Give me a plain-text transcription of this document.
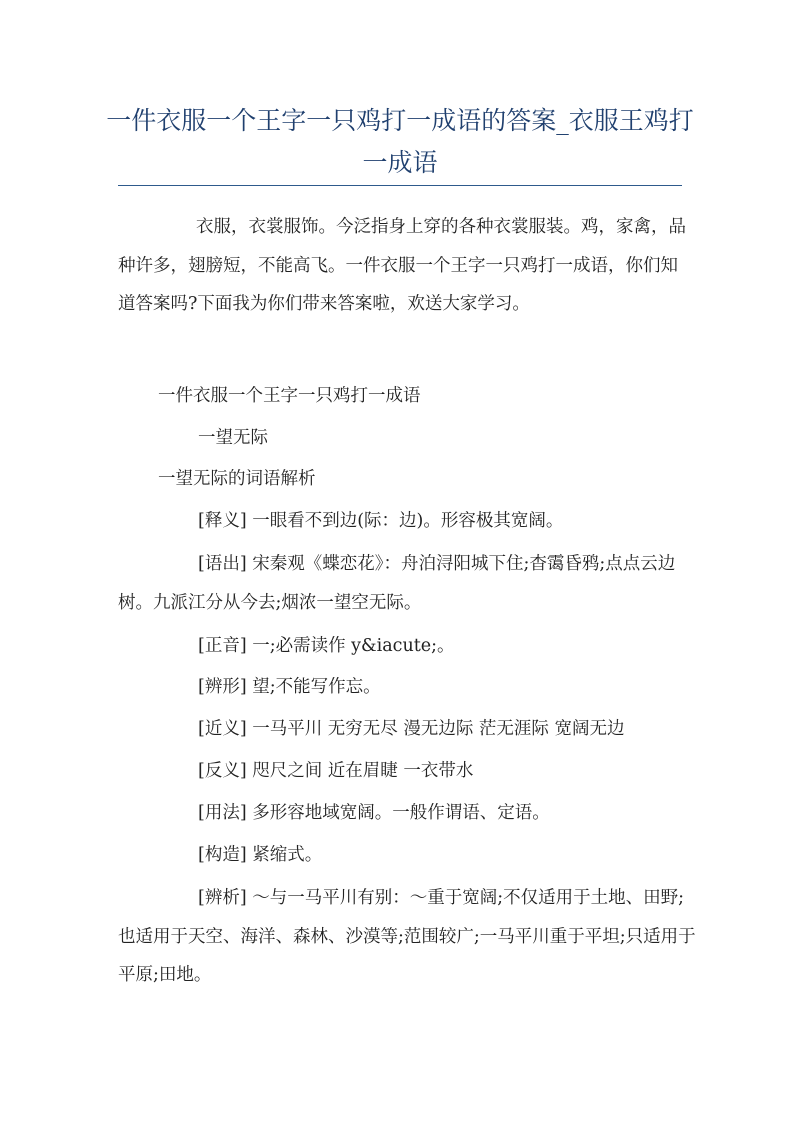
一件衣服一个王字一只鸡打一成语的答案_衣服王鸡打一成语

衣服，衣裳服饰。今泛指身上穿的各种衣裳服装。鸡，家禽，品种许多，翅膀短，不能高飞。一件衣服一个王字一只鸡打一成语，你们知道答案吗?下面我为你们带来答案啦，欢送大家学习。

一件衣服一个王字一只鸡打一成语

一望无际

一望无际的词语解析

[释义] 一眼看不到边(际：边)。形容极其宽阔。

[语出] 宋秦观《蝶恋花》：舟泊浔阳城下住;杳霭昏鸦;点点云边树。九派江分从今去;烟浓一望空无际。

[正音] 一;必需读作 y&iacute;。

[辨形] 望;不能写作忘。

[近义] 一马平川 无穷无尽 漫无边际 茫无涯际 宽阔无边

[反义] 咫尺之间 近在眉睫 一衣带水

[用法] 多形容地域宽阔。一般作谓语、定语。

[构造] 紧缩式。

[辨析] ～与一马平川有别：～重于宽阔;不仅适用于土地、田野;也适用于天空、海洋、森林、沙漠等;范围较广;一马平川重于平坦;只适用于平原;田地。
